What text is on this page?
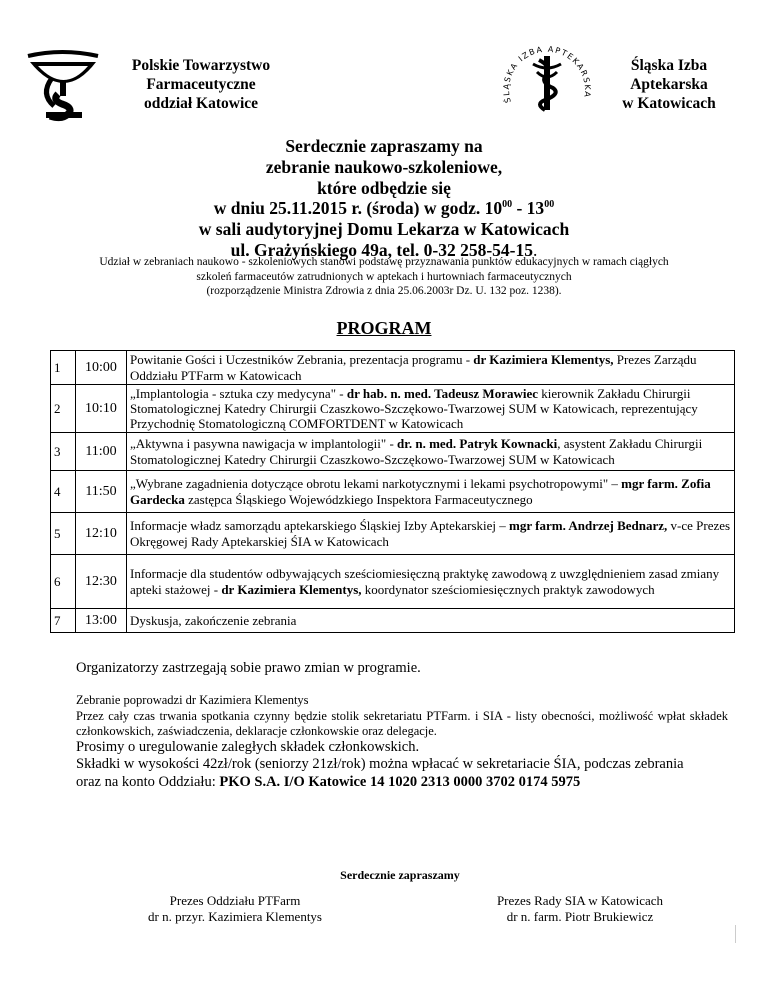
Polskie Towarzystwo
Farmaceutyczne
oddział Katowice	ŚLĄSKA IZBA APTEKARSKA
Śląska Izba
Aptekarska
w Katowicach
Serdecznie zapraszamy na
zebranie naukowo-szkoleniowe,
które odbędzie się
w dniu 25.11.2015 r. (środa) w godz. $10^{00} - 13^{00}$
w sali audytoryjnej Domu Lekarza w Katowicach
ul. Grażyńskiego 49a, tel. 0-32 258-54-15.
Udział w zebraniach naukowo - szkoleniowych stanowi podstawę przyznawania punktów edukacyjnych w ramach ciągłych
szkoleń farmaceutów zatrudnionych w aptekach i hurtowniach farmaceutycznych
(rozporządzenie Ministra Zdrowia z dnia 25.06.2003r Dz. U. 132 poz. 1238).
PROGRAM
1	10:00	Powitanie Gości i Uczestników Zebrania, prezentacja programu - dr Kazimiera Klementys, Prezes Zarządu Oddziału PTFarm w Katowicach
2	10:10	„Implantologia - sztuka czy medycyna" - dr hab. n. med. Tadeusz Morawiec kierownik Zakładu Chirurgii Stomatologicznej Katedry Chirurgii Czaszkowo-Szczękowo-Twarzowej SUM w Katowicach, reprezentujący Przychodnię Stomatologiczną COMFORTDENT w Katowicach
3	11:00	„Aktywna i pasywna nawigacja w implantologii" - dr. n. med. Patryk Kownacki, asystent Zakładu Chirurgii Stomatologicznej Katedry Chirurgii Czaszkowo-Szczękowo-Twarzowej SUM w Katowicach
4	11:50	„Wybrane zagadnienia dotyczące obrotu lekami narkotycznymi i lekami psychotropowymi" – mgr farm. Zofia Gardecka zastępca Śląskiego Wojewódzkiego Inspektora Farmaceutycznego
5	12:10	Informacje władz samorządu aptekarskiego Śląskiej Izby Aptekarskiej – mgr farm. Andrzej Bednarz, v-ce Prezes Okręgowej Rady Aptekarskiej ŚIA w Katowicach
6	12:30	Informacje dla studentów odbywających sześciomiesięczną praktykę zawodową z uwzględnieniem zasad zmiany apteki stażowej - dr Kazimiera Klementys, koordynator sześciomiesięcznych praktyk zawodowych
7	13:00	Dyskusja, zakończenie zebrania
Organizatorzy zastrzegają sobie prawo zmian w programie.
Zebranie poprowadzi dr Kazimiera Klementys
Przez cały czas trwania spotkania czynny będzie stolik sekretariatu PTFarm. i SIA - listy obecności, możliwość wpłat składek członkowskich, zaświadczenia, deklaracje członkowskie oraz delegacje.
Prosimy o uregulowanie zaległych składek członkowskich.
Składki w wysokości 42zł/rok (seniorzy 21zł/rok) można wpłacać w sekretariacie ŚIA, podczas zebrania
oraz na konto Oddziału: PKO S.A. I/O Katowice 14 1020 2313 0000 3702 0174 5975
Serdecznie zapraszamy
Prezes Oddziału PTFarm
dr n. przyr. Kazimiera Klementys
Prezes Rady SIA w Katowicach
dr n. farm. Piotr Brukiewicz
